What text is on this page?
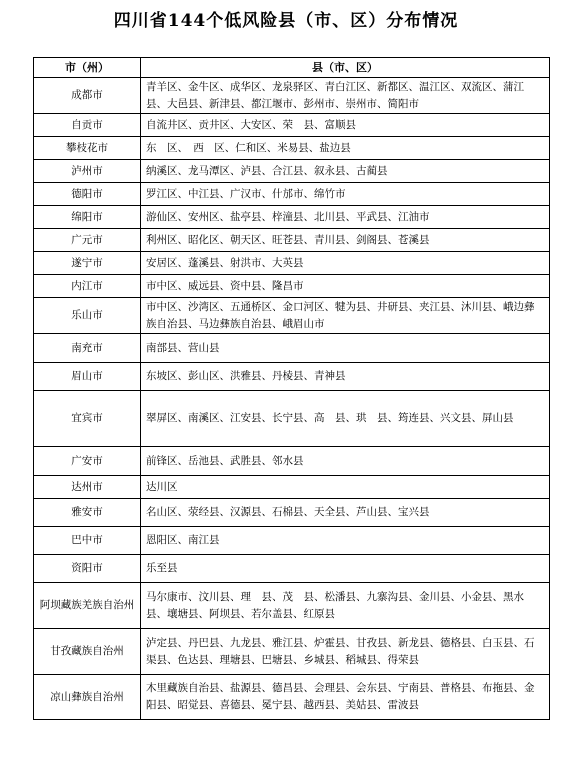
四川省144个低风险县（市、区）分布情况
市（州）	县（市、区）
成都市	青羊区、金牛区、成华区、龙泉驿区、青白江区、新都区、温江区、双流区、蒲江县、大邑县、新津县、都江堰市、彭州市、崇州市、简阳市
自贡市	自流井区、贡井区、大安区、荣　县、富顺县
攀枝花市	东　区、　西　区、仁和区、米易县、盐边县
泸州市	纳溪区、龙马潭区、泸县、合江县、叙永县、古蔺县
德阳市	罗江区、中江县、广汉市、什邡市、绵竹市
绵阳市	游仙区、安州区、盐亭县、梓潼县、北川县、平武县、江油市
广元市	利州区、昭化区、朝天区、旺苍县、青川县、剑阁县、苍溪县
遂宁市	安居区、蓬溪县、射洪市、大英县
内江市	市中区、威远县、资中县、隆昌市
乐山市	市中区、沙湾区、五通桥区、金口河区、犍为县、井研县、夹江县、沐川县、峨边彝族自治县、马边彝族自治县、峨眉山市
南充市	南部县、营山县
眉山市	东坡区、彭山区、洪雅县、丹棱县、青神县
宜宾市	翠屏区、南溪区、江安县、长宁县、高　县、珙　县、筠连县、兴文县、屏山县
广安市	前锋区、岳池县、武胜县、邻水县
达州市	达川区
雅安市	名山区、荥经县、汉源县、石棉县、天全县、芦山县、宝兴县
巴中市	恩阳区、南江县
资阳市	乐至县
阿坝藏族羌族自治州	马尔康市、汶川县、理　县、茂　县、松潘县、九寨沟县、金川县、小金县、黑水县、壤塘县、阿坝县、若尔盖县、红原县
甘孜藏族自治州	泸定县、丹巴县、九龙县、雅江县、炉霍县、甘孜县、新龙县、德格县、白玉县、石渠县、色达县、理塘县、巴塘县、乡城县、稻城县、得荣县
凉山彝族自治州	木里藏族自治县、盐源县、德昌县、会理县、会东县、宁南县、普格县、布拖县、金阳县、昭觉县、喜德县、冕宁县、越西县、美姑县、雷波县
